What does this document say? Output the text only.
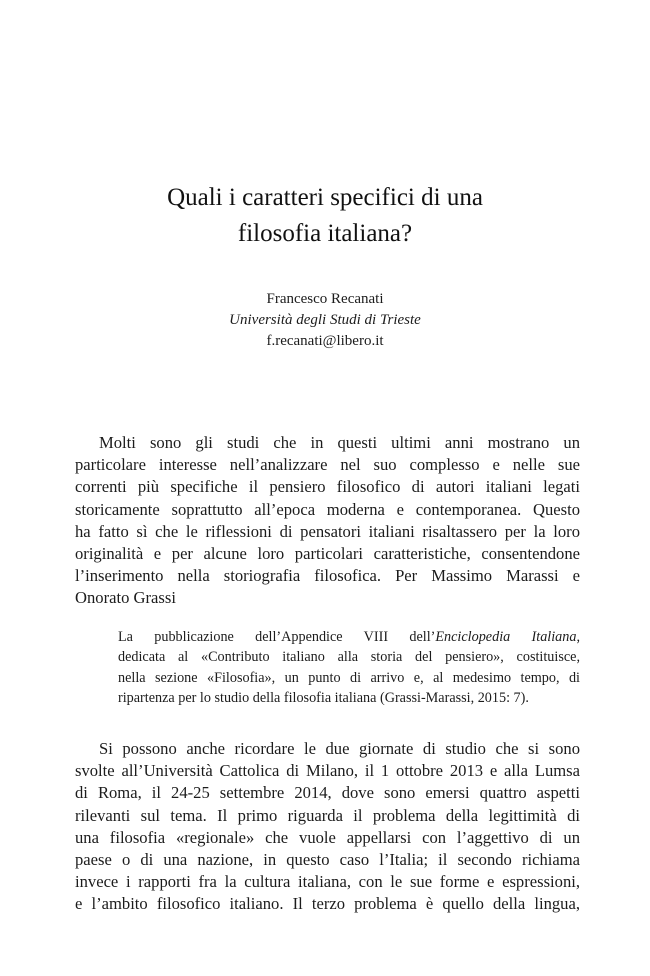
Quali i caratteri specifici di una
filosofia italiana?
Francesco Recanati
Università degli Studi di Trieste
f.recanati@libero.it
Molti sono gli studi che in questi ultimi anni mostrano un
particolare interesse nell’analizzare nel suo complesso e nelle sue
correnti più specifiche il pensiero filosofico di autori italiani legati
storicamente soprattutto all’epoca moderna e contemporanea. Questo
ha fatto sì che le riflessioni di pensatori italiani risaltassero per la loro
originalità e per alcune loro particolari caratteristiche, consentendone
l’inserimento nella storiografia filosofica. Per Massimo Marassi e
Onorato Grassi
La pubblicazione dell’Appendice VIII dell’Enciclopedia Italiana,
dedicata al «Contributo italiano alla storia del pensiero», costituisce,
nella sezione «Filosofia», un punto di arrivo e, al medesimo tempo, di
ripartenza per lo studio della filosofia italiana (Grassi-Marassi, 2015: 7).
Si possono anche ricordare le due giornate di studio che si sono
svolte all’Università Cattolica di Milano, il 1 ottobre 2013 e alla Lumsa
di Roma, il 24-25 settembre 2014, dove sono emersi quattro aspetti
rilevanti sul tema. Il primo riguarda il problema della legittimità di
una filosofia «regionale» che vuole appellarsi con l’aggettivo di un
paese o di una nazione, in questo caso l’Italia; il secondo richiama
invece i rapporti fra la cultura italiana, con le sue forme e espressioni,
e l’ambito filosofico italiano. Il terzo problema è quello della lingua,
